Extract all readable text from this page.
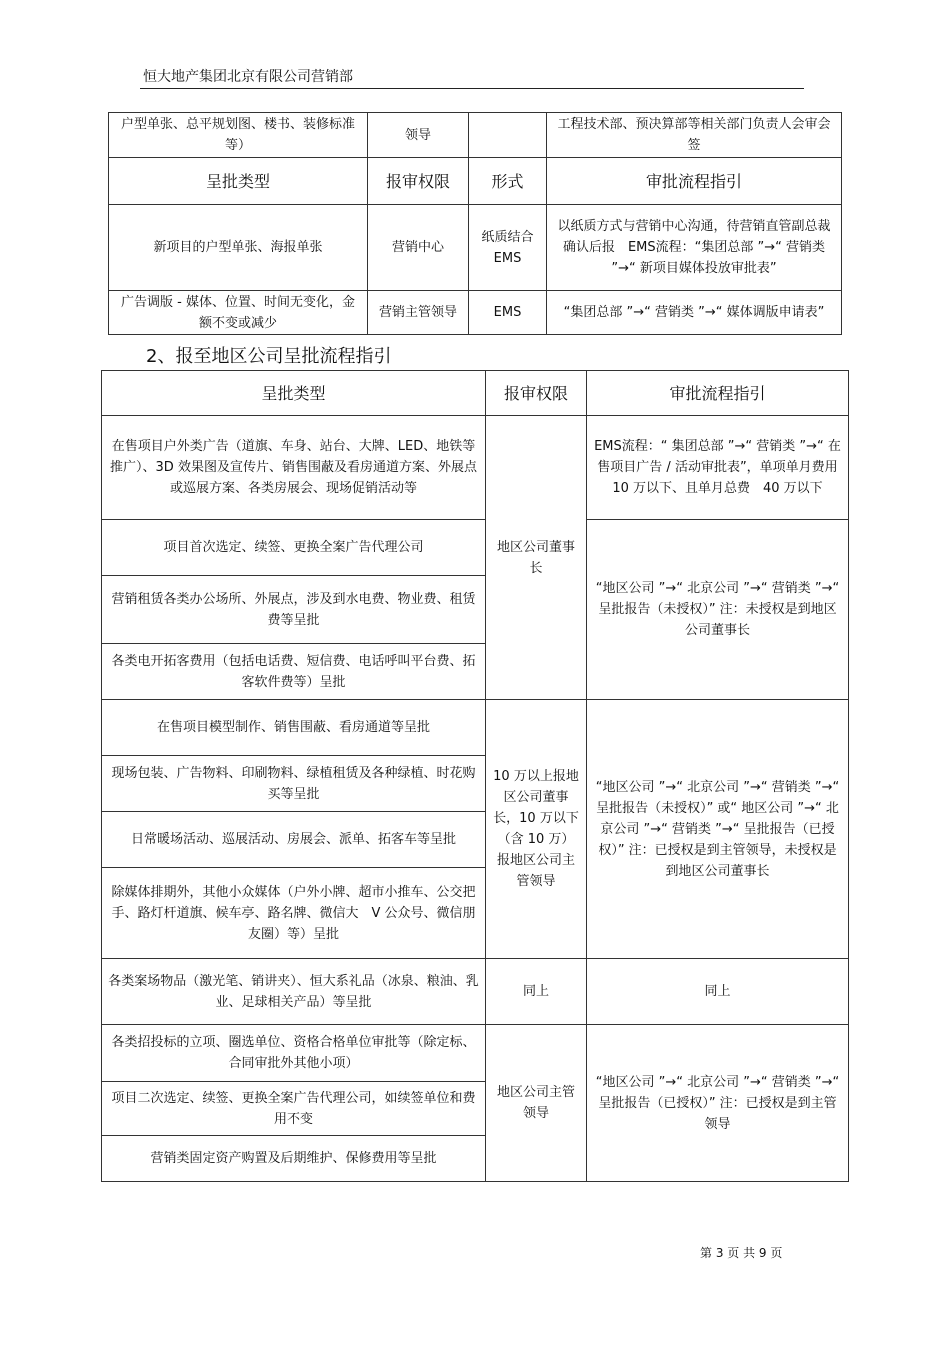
恒大地产集团北京有限公司营销部
户型单张、总平规划图、楼书、装修标准等）	领导		工程技术部、预决算部等相关部门负责人会审会签
呈批类型	报审权限	形式	审批流程指引
新项目的户型单张、海报单张	营销中心	纸质结合 EMS	以纸质方式与营销中心沟通，待营销直管副总裁确认后报　EMS流程：“集团总部 ”→“ 营销类 ”→“ 新项目媒体投放审批表”
广告调版 - 媒体、位置、时间无变化，金额不变或减少	营销主管领导	EMS	“集团总部 ”→“ 营销类 ”→“ 媒体调版申请表”
2、报至地区公司呈批流程指引
呈批类型	报审权限	审批流程指引
在售项目户外类广告（道旗、车身、站台、大牌、LED、地铁等推广）、3D 效果图及宣传片、销售围蔽及看房通道方案、外展点或巡展方案、各类房展会、现场促销活动等	地区公司董事长	EMS流程：“ 集团总部 ”→“ 营销类 ”→“ 在售项目广告 / 活动审批表”，单项单月费用　10 万以下、且单月总费　40 万以下
项目首次选定、续签、更换全案广告代理公司		“地区公司 ”→“ 北京公司 ”→“ 营销类 ”→“ 呈批报告（未授权）” 注：未授权是到地区公司董事长
营销租赁各类办公场所、外展点，涉及到水电费、物业费、租赁费等呈批		
各类电开拓客费用（包括电话费、短信费、电话呼叫平台费、拓客软件费等）呈批		
在售项目模型制作、销售围蔽、看房通道等呈批	10 万以上报地区公司董事长，10 万以下（含 10 万）报地区公司主管领导	“地区公司 ”→“ 北京公司 ”→“ 营销类 ”→“ 呈批报告（未授权）” 或“ 地区公司 ”→“ 北京公司 ”→“ 营销类 ”→“ 呈批报告（已授权）” 注：已授权是到主管领导，未授权是到地区公司董事长
现场包装、广告物料、印刷物料、绿植租赁及各种绿植、时花购买等呈批		
日常暖场活动、巡展活动、房展会、派单、拓客车等呈批		
除媒体排期外，其他小众媒体（户外小牌、超市小推车、公交把手、路灯杆道旗、候车亭、路名牌、微信大　V 公众号、微信朋友圈）等）呈批		
各类案场物品（激光笔、销讲夹）、恒大系礼品（冰泉、粮油、乳业、足球相关产品）等呈批	同上	同上
各类招投标的立项、圈选单位、资格合格单位审批等（除定标、合同审批外其他小项）	地区公司主管领导	“地区公司 ”→“ 北京公司 ”→“ 营销类 ”→“ 呈批报告（已授权）” 注：已授权是到主管领导
项目二次选定、续签、更换全案广告代理公司，如续签单位和费用不变		
营销类固定资产购置及后期维护、保修费用等呈批		
第 3 页 共 9 页
